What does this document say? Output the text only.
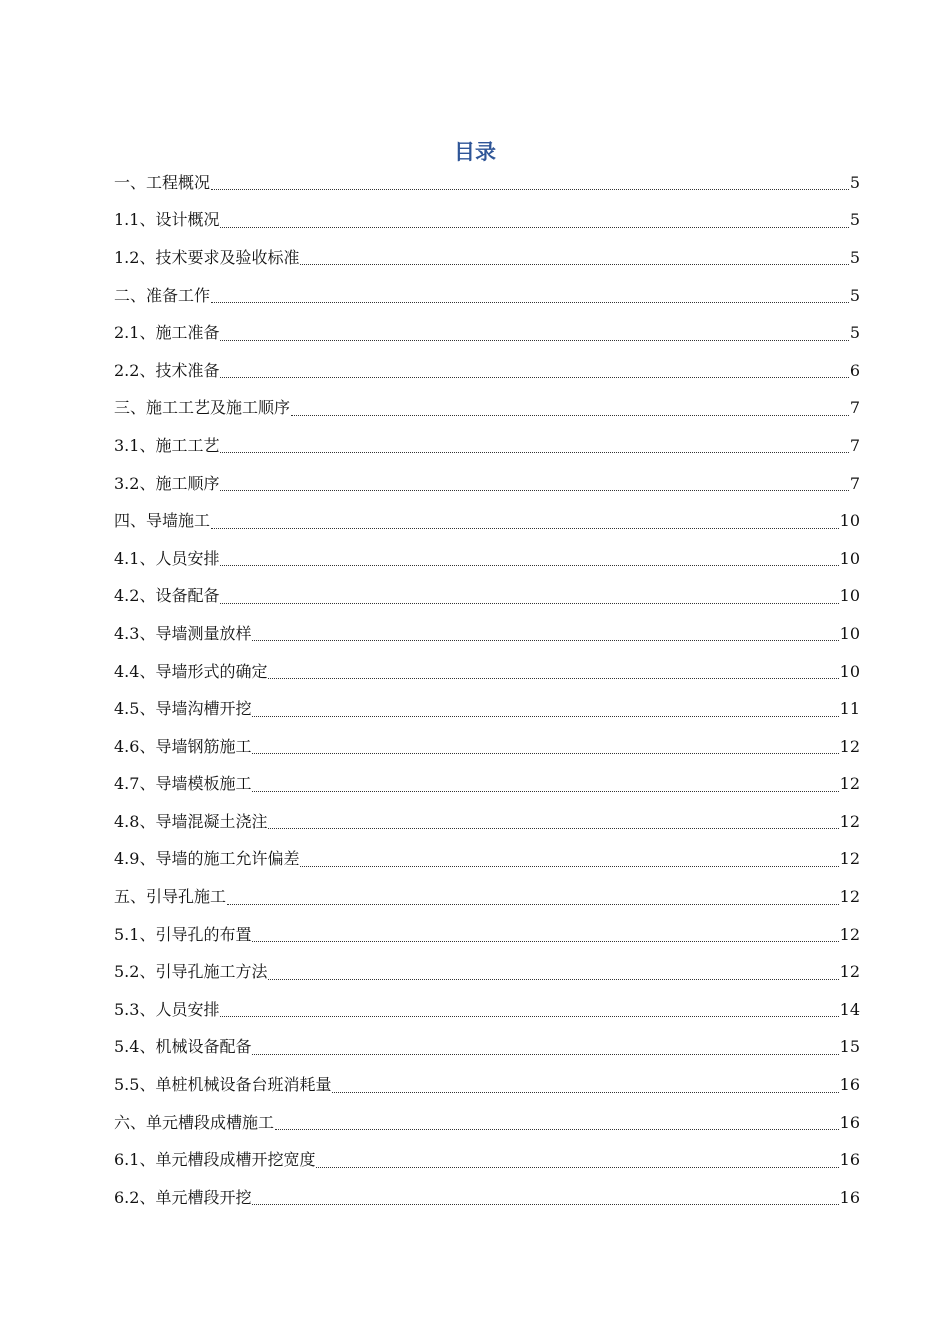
目录
一、工程概况	5
1.1、设计概况	5
1.2、技术要求及验收标准	5
二、准备工作	5
2.1、施工准备	5
2.2、技术准备	6
三、施工工艺及施工顺序	7
3.1、施工工艺	7
3.2、施工顺序	7
四、导墙施工	10
4.1、人员安排	10
4.2、设备配备	10
4.3、导墙测量放样	10
4.4、导墙形式的确定	10
4.5、导墙沟槽开挖	11
4.6、导墙钢筋施工	12
4.7、导墙模板施工	12
4.8、导墙混凝土浇注	12
4.9、导墙的施工允许偏差	12
五、引导孔施工	12
5.1、引导孔的布置	12
5.2、引导孔施工方法	12
5.3、人员安排	14
5.4、机械设备配备	15
5.5、单桩机械设备台班消耗量	16
六、单元槽段成槽施工	16
6.1、单元槽段成槽开挖宽度	16
6.2、单元槽段开挖	16
